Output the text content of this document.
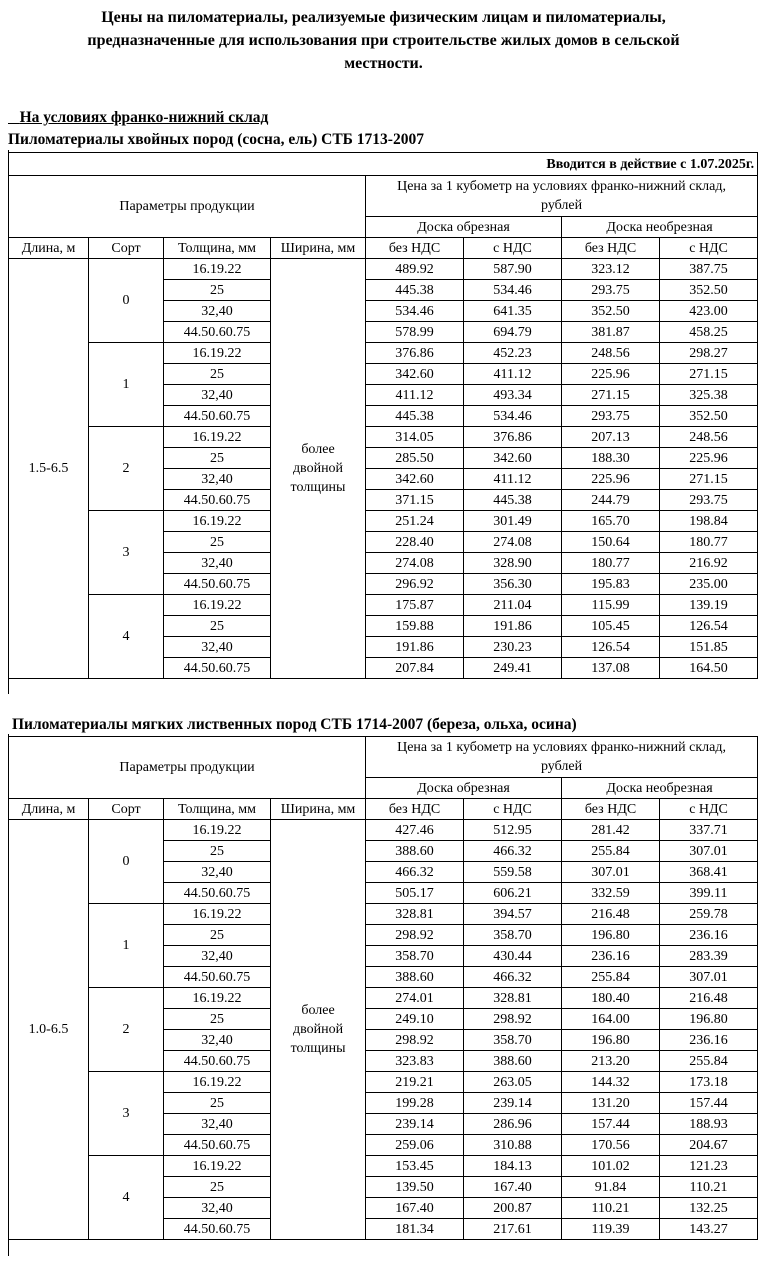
Цены на пиломатериалы, реализуемые физическим лицам и пиломатериалы,
предназначенные для использования при строительстве жилых домов в сельской
местности.
На условиях франко-нижний склад
Пиломатериалы хвойных пород (сосна, ель) СТБ 1713-2007
Вводится в действие с 1.07.2025г.							
Параметры продукции				Цена за 1 кубометр на условиях франко-нижний склад,
рублей			

				Доска обрезная		Доска необрезная	
Длина, м	Сорт	Толщина, мм	Ширина, мм	без НДС	с НДС	без НДС	с НДС
1.5-6.5	0	16.19.22	более
двойной
толщины	489.92	587.90	323.12	387.75
		25		445.38	534.46	293.75	352.50
		32,40		534.46	641.35	352.50	423.00
		44.50.60.75		578.99	694.79	381.87	458.25
	1	16.19.22		376.86	452.23	248.56	298.27
		25		342.60	411.12	225.96	271.15
		32,40		411.12	493.34	271.15	325.38
		44.50.60.75		445.38	534.46	293.75	352.50
	2	16.19.22		314.05	376.86	207.13	248.56
		25		285.50	342.60	188.30	225.96
		32,40		342.60	411.12	225.96	271.15
		44.50.60.75		371.15	445.38	244.79	293.75
	3	16.19.22		251.24	301.49	165.70	198.84
		25		228.40	274.08	150.64	180.77
		32,40		274.08	328.90	180.77	216.92
		44.50.60.75		296.92	356.30	195.83	235.00
	4	16.19.22		175.87	211.04	115.99	139.19
		25		159.88	191.86	105.45	126.54
		32,40		191.86	230.23	126.54	151.85
		44.50.60.75		207.84	249.41	137.08	164.50
Пиломатериалы мягких лиственных пород СТБ 1714-2007 (береза, ольха, осина)
Параметры продукции				Цена за 1 кубометр на условиях франко-нижний склад,
рублей			

				Доска обрезная		Доска необрезная	
Длина, м	Сорт	Толщина, мм	Ширина, мм	без НДС	с НДС	без НДС	с НДС
1.0-6.5	0	16.19.22	более
двойной
толщины	427.46	512.95	281.42	337.71
		25		388.60	466.32	255.84	307.01
		32,40		466.32	559.58	307.01	368.41
		44.50.60.75		505.17	606.21	332.59	399.11
	1	16.19.22		328.81	394.57	216.48	259.78
		25		298.92	358.70	196.80	236.16
		32,40		358.70	430.44	236.16	283.39
		44.50.60.75		388.60	466.32	255.84	307.01
	2	16.19.22		274.01	328.81	180.40	216.48
		25		249.10	298.92	164.00	196.80
		32,40		298.92	358.70	196.80	236.16
		44.50.60.75		323.83	388.60	213.20	255.84
	3	16.19.22		219.21	263.05	144.32	173.18
		25		199.28	239.14	131.20	157.44
		32,40		239.14	286.96	157.44	188.93
		44.50.60.75		259.06	310.88	170.56	204.67
	4	16.19.22		153.45	184.13	101.02	121.23
		25		139.50	167.40	91.84	110.21
		32,40		167.40	200.87	110.21	132.25
		44.50.60.75		181.34	217.61	119.39	143.27
